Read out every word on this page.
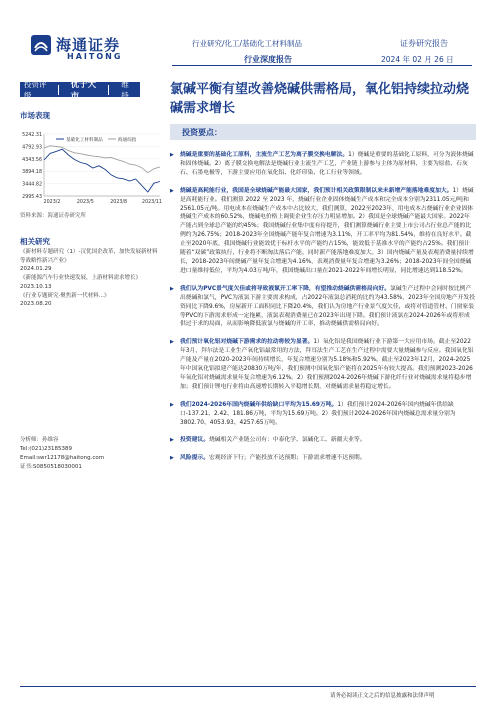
海通证券
HAITONG
行业研究/化工/基础化工材料制品
行业深度报告
证券研究报告
2024 年 02 月 26 日
投资评级
优于大市
维持	氯碱平衡有望改善烧碱供需格局，氧化铝持续拉动烧碱需求增长
市场表现
2995.43
3444.82
3894.18
4343.56
4792.93
5242.31
2023/2	2023/5	2023/8	2023/11
基础化工材料制品	海通综指
资料来源：海通证券研究所
相关研究
《新材料专题研究（1）-汉优国企改革，加快发展新材料等战略性新兴产业》
2024.01.29
《新能源汽车行业快速发展，上游材料需求增长》
2023.10.13
《行业专题研究·聚焦新一代材料...》
2023.08.20
分析师：孙维容
Tel:(021)23185389
Email:swr12178@haitong.com
证书:S0850518030001
投资要点：
▶ 烧碱是重要的基础化工原料，主流生产工艺为离子膜交换电解法。1）烧碱是重要的基础化工原料，可分为液体烧碱和固体烧碱。2）离子膜交换电解法是烧碱行业主流生产工艺，产业链上游参与主体为原材料，主要为原盐、石灰石、石墨电极等，下游主要应用在氧化铝、化纤印染、化工行业等领域。
▶ 烧碱是高耗能行业，我国是全球烧碱产能最大国家，我们预计相关政策限制以来未新增产能落地难度加大。1）烧碱是高耗能行业。我们测算 2022 至 2023 年，烧碱行业企业固体烧碱生产成本和完全成本分别为2311.05元/吨和2561.05元/吨。用电成本在烧碱生产成本中占比较大，我们测算，2022至2023年，用电成本占烧碱行业企业固体烧碱生产成本的60.52%，烧碱电价格上调使企业生存压力明显增加。2）我国是全球烧碱产能最大国家。2022年产能占到全球总产能的约45%；我国烧碱行业集中度有待提升，我们测算烧碱行业主要上市公司占行业总产能的比例约为26.75%；2018-2023年全国烧碱产能年复合增速为3.11%，开工率平均为81.54%，维持在良好水平。截止至2020年底，我国烧碱行业能效优于标杆水平的产能约占15%，能效低于基准水平的产能约占25%。我们预计随着“双碳”政策执行，行业将不断淘汰落后产能，同时新产能落地难度加大。3）国内烧碱产量及表观消费量持续增长，2018-2023年间烧碱产量年复合增速为4.16%，表观消费量年复合增速为3.26%；2018-2023年间全国烧碱进口量维持低位，平均为4.03万吨/年，我国烧碱出口量在2021-2022年间增长明显，同比增速达到118.52%。
▶ 我们认为PVC景气度欠佳或将导致液氯开工率下降，有望推动烧碱供需格局向好。氯碱生产过程中会同时按比例产出烧碱和氯气，PVC为液氯下游主要需求构成，占2022年液氯总消耗的比约为43.58%，2023年全国房地产开发投资同比下降9.6%，房屋新开工面积同比下降20.4%，我们认为房地产行业景气度欠佳，或将对管道管材、门窗家装等PVC的下游需求形成一定拖累，液氯表观消费量已在2023年出现下降。我们预计液氯在2024-2026年或将形成供过于求的局面，从而影响降低液氯与烧碱的开工率，推动烧碱供需格局向好。
▶ 我们预计氧化铝对烧碱下游需求的拉动将较为显著。1）氧化铝是我国烧碱行业下游第一大应用市场。截止至2022年3月，拜尔法是工业生产氧化铝最常用的方法，拜耳法生产工艺在生产过程中需要大量烧碱参与反应。我国氧化铝产能及产量在2020-2023年间持续增长，年复合增速分别为5.18%和5.92%。截止至2023年12月，2024-2025年中国氧化铝拟建产能达20830万吨/年，我们预测中国氧化铝产能将在2025年有较大提高。我们预测2023-2026年氧化铝对烧碱需求量年复合增速为6.12%。2）我们预测2024-2026年烧碱下游化纤行业对烧碱需求量将稳步增加；我们预计锂电行业将由高速增长期转入平稳增长期，对烧碱需求量将稳定增长。
▶ 我们2024-2026年国内烧碱年供给缺口平均为15.69万吨。1）我们预计2024-2026年国内烧碱年供给缺口-137.21、2.42、181.86万吨，平均为15.69万吨。2）我们预计2024-2026年国内烧碱总需求量分别为3802.70、4053.93、4257.65万吨。
▶ 投资建议。烧碱相关产业链公司有：中泰化学、氯碱化工、新疆天业等。
▶ 风险提示。宏观经济下行；产能投放不达预期；下游需求增速不达预期。
请务必阅读正文之后的信息披露和法律声明
